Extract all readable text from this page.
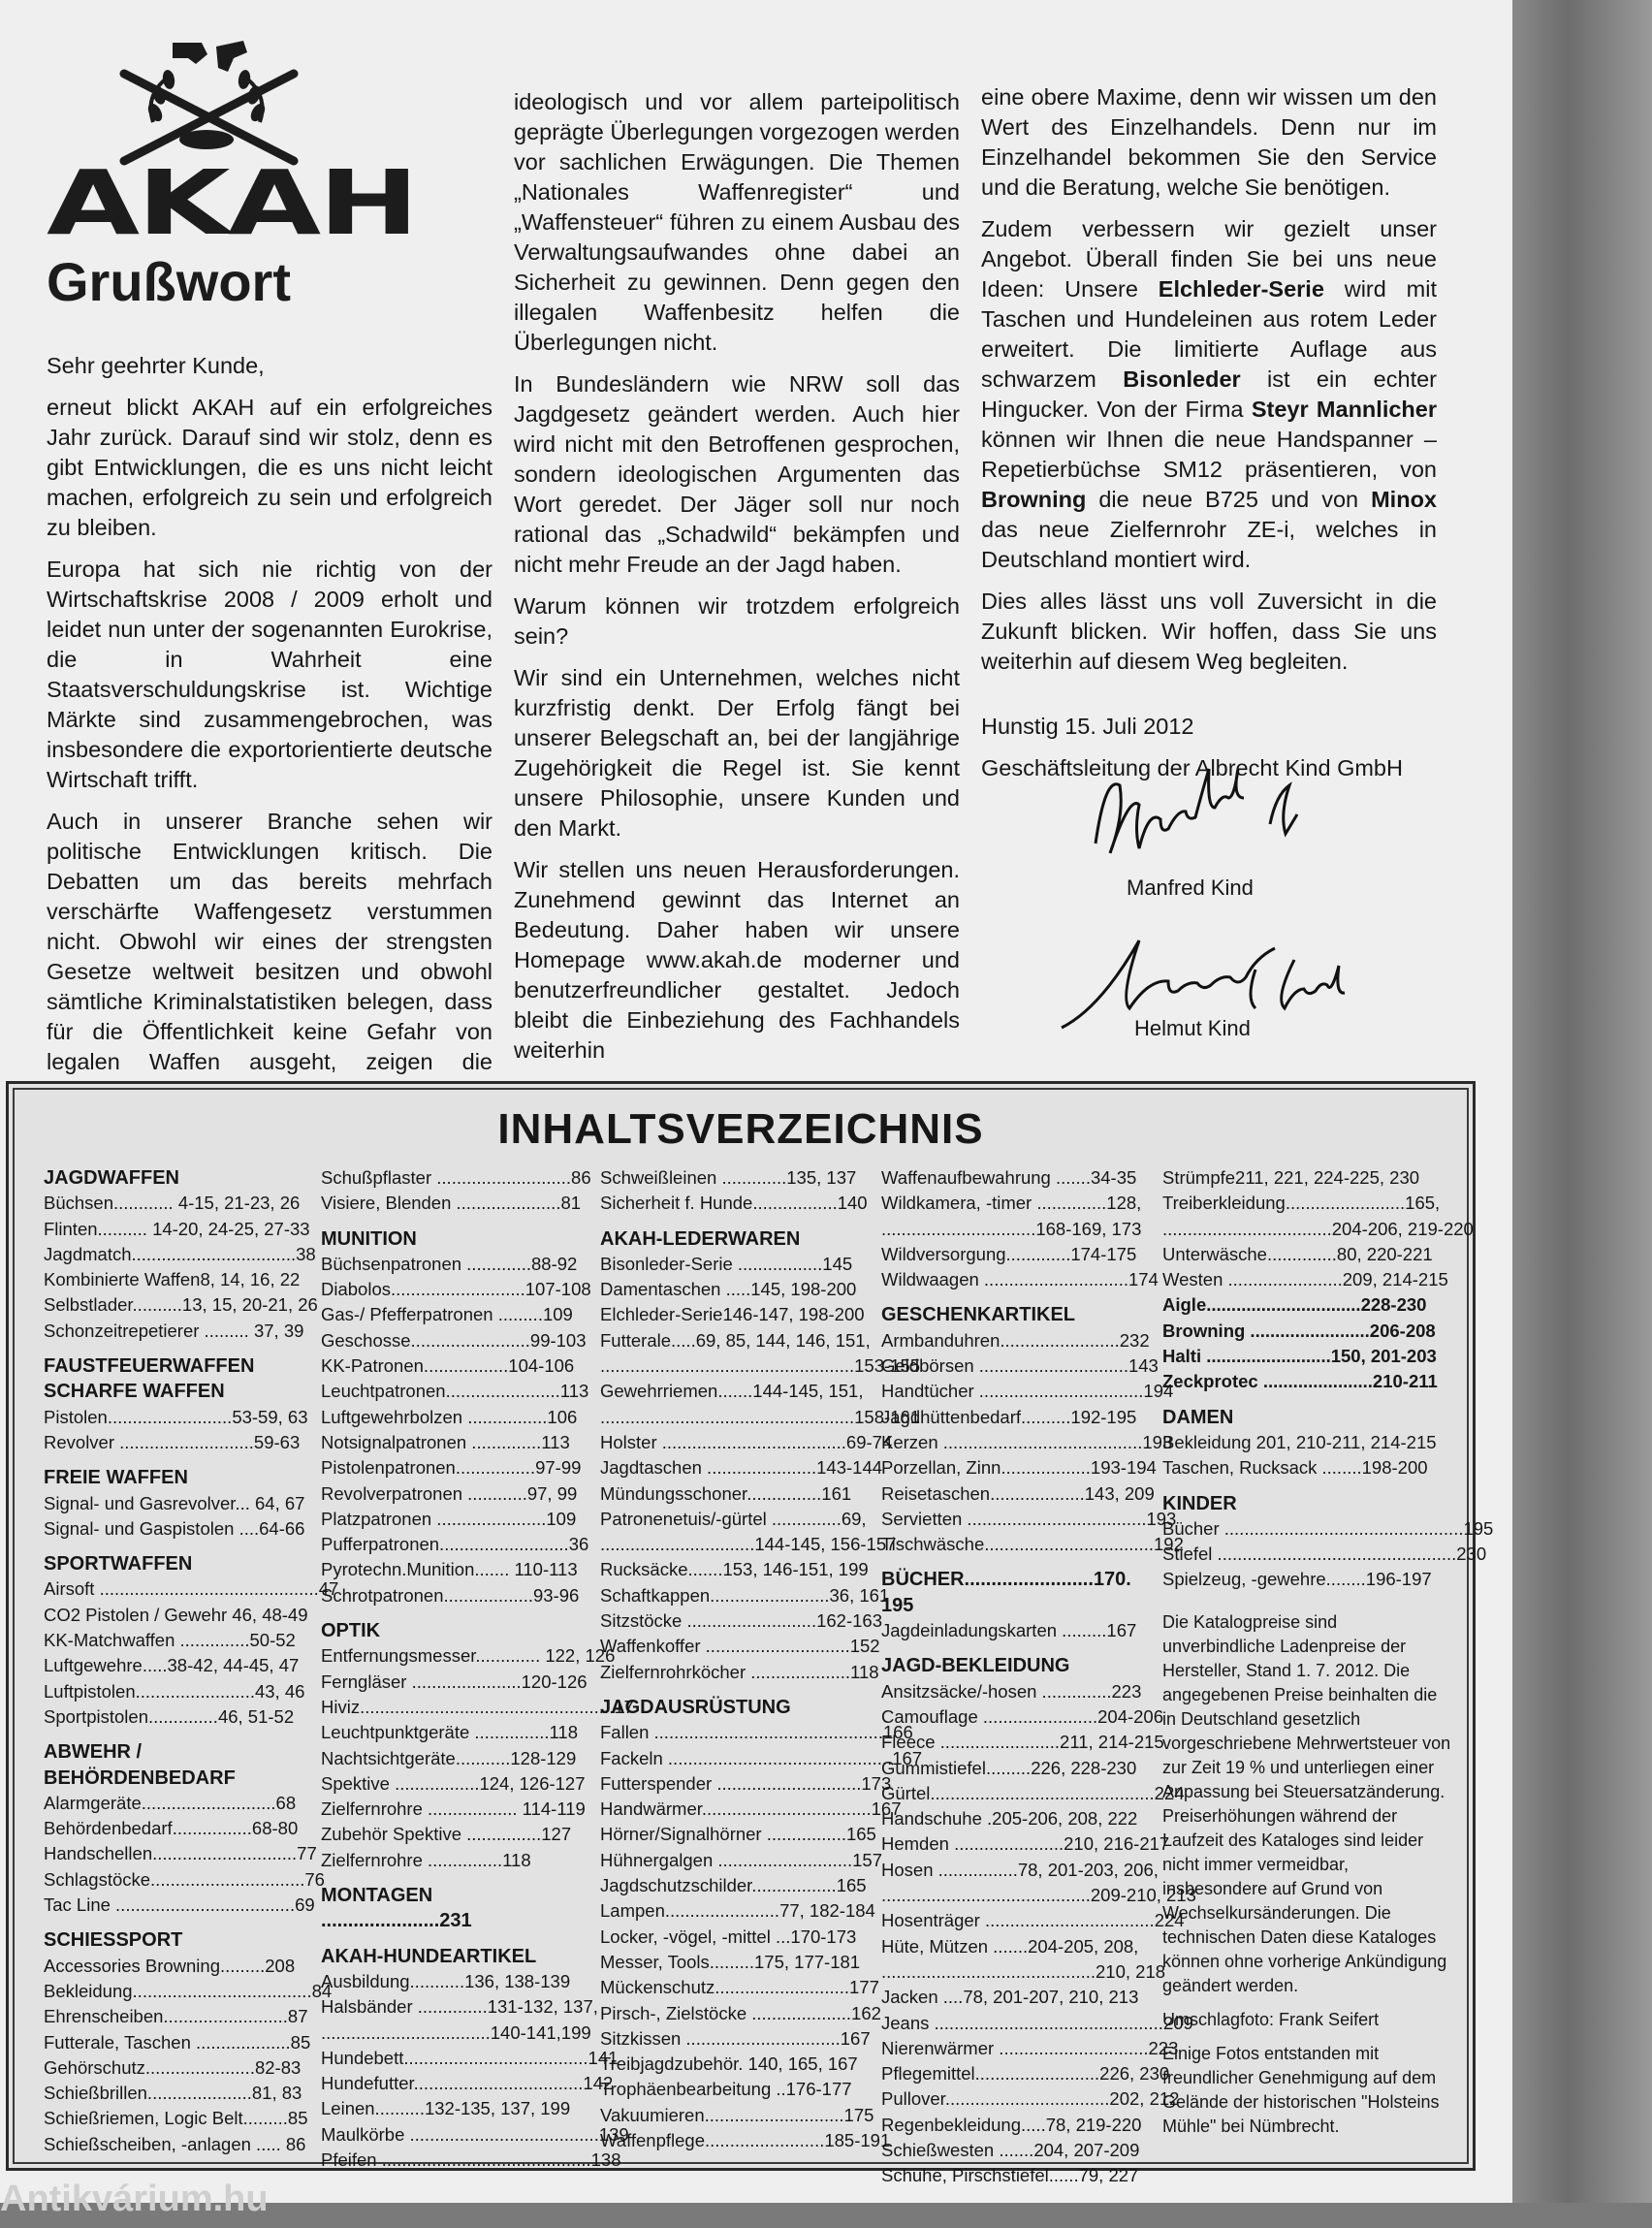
AKAH
Grußwort

Sehr geehrter Kunde,

erneut blickt AKAH auf ein erfolgreiches Jahr zurück. Darauf sind wir stolz, denn es gibt Entwicklungen, die es uns nicht leicht machen, erfolgreich zu sein und erfolgreich zu bleiben.

Europa hat sich nie richtig von der Wirtschaftskrise 2008 / 2009 erholt und leidet nun unter der sogenannten Eurokrise, die in Wahrheit eine Staatsverschuldungskrise ist. Wichtige Märkte sind zusammengebrochen, was insbesondere die exportorientierte deutsche Wirtschaft trifft.

Auch in unserer Branche sehen wir politische Entwicklungen kritisch. Die Debatten um das bereits mehrfach verschärfte Waffengesetz verstummen nicht. Obwohl wir eines der strengsten Gesetze weltweit besitzen und obwohl sämtliche Kriminalstatistiken belegen, dass für die Öffentlichkeit keine Gefahr von legalen Waffen ausgeht, zeigen die

ideologisch und vor allem parteipolitisch geprägte Überlegungen vorgezogen werden vor sachlichen Erwägungen. Die Themen „Nationales Waffenregister“ und „Waffensteuer“ führen zu einem Ausbau des Verwaltungsaufwandes ohne dabei an Sicherheit zu gewinnen. Denn gegen den illegalen Waffenbesitz helfen die Überlegungen nicht.

In Bundesländern wie NRW soll das Jagdgesetz geändert werden. Auch hier wird nicht mit den Betroffenen gesprochen, sondern ideologischen Argumenten das Wort geredet. Der Jäger soll nur noch rational das „Schadwild“ bekämpfen und nicht mehr Freude an der Jagd haben.

Warum können wir trotzdem erfolgreich sein?

Wir sind ein Unternehmen, welches nicht kurzfristig denkt. Der Erfolg fängt bei unserer Belegschaft an, bei der langjährige Zugehörigkeit die Regel ist. Sie kennt unsere Philosophie, unsere Kunden und den Markt.

Wir stellen uns neuen Herausforderungen. Zunehmend gewinnt das Internet an Bedeutung. Daher haben wir unsere Homepage www.akah.de moderner und benutzerfreundlicher gestaltet. Jedoch bleibt die Einbeziehung des Fachhandels weiterhin

eine obere Maxime, denn wir wissen um den Wert des Einzelhandels. Denn nur im Einzelhandel bekommen Sie den Service und die Beratung, welche Sie benötigen.

Zudem verbessern wir gezielt unser Angebot. Überall finden Sie bei uns neue Ideen: Unsere Elchleder-Serie wird mit Taschen und Hundeleinen aus rotem Leder erweitert. Die limitierte Auflage aus schwarzem Bisonleder ist ein echter Hingucker. Von der Firma Steyr Mannlicher können wir Ihnen die neue Handspanner – Repetierbüchse SM12 präsentieren, von Browning die neue B725 und von Minox das neue Zielfernrohr ZE-i, welches in Deutschland montiert wird.

Dies alles lässt uns voll Zuversicht in die Zukunft blicken. Wir hoffen, dass Sie uns weiterhin auf diesem Weg begleiten.

Hunstig 15. Juli 2012

Geschäftsleitung der Albrecht Kind GmbH

Manfred Kind
Helmut Kind
INHALTSVERZEICHNIS
JAGDWAFFEN
Büchsen............ 4-15, 21-23, 26
Flinten.......... 14-20, 24-25, 27-33
Jagdmatch.................................38
Kombinierte Waffen8, 14, 16, 22
Selbstlader..........13, 15, 20-21, 26
Schonzeitrepetierer ......... 37, 39
FAUSTFEUERWAFFEN
SCHARFE WAFFEN
Pistolen.........................53-59, 63
Revolver ...........................59-63
FREIE WAFFEN
Signal- und Gasrevolver... 64, 67
Signal- und Gaspistolen ....64-66
SPORTWAFFEN
Airsoft ............................................47
CO2 Pistolen / Gewehr 46, 48-49
KK-Matchwaffen ..............50-52
Luftgewehre.....38-42, 44-45, 47
Luftpistolen........................43, 46
Sportpistolen..............46, 51-52
ABWEHR /
BEHÖRDENBEDARF
Alarmgeräte...........................68
Behördenbedarf................68-80
Handschellen.............................77
Schlagstöcke...............................76
Tac Line ....................................69
SCHIESSPORT
Accessories Browning.........208
Bekleidung....................................84
Ehrenscheiben.........................87
Futterale, Taschen ...................85
Gehörschutz......................82-83
Schießbrillen.....................81, 83
Schießriemen, Logic Belt.........85
Schießscheiben, -anlagen ..... 86
Schußpflaster ...........................86
Visiere, Blenden .....................81
MUNITION
Büchsenpatronen .............88-92
Diabolos...........................107-108
Gas-/ Pfefferpatronen .........109
Geschosse........................99-103
KK-Patronen.................104-106
Leuchtpatronen.......................113
Luftgewehrbolzen ................106
Notsignalpatronen ..............113
Pistolenpatronen................97-99
Revolverpatronen ............97, 99
Platzpatronen ......................109
Pufferpatronen..........................36
Pyrotechn.Munition....... 110-113
Schrotpatronen..................93-96
OPTIK
Entfernungsmesser............. 122, 126
Ferngläser ......................120-126
Hiviz...................................................17
Leuchtpunktgeräte ...............118
Nachtsichtgeräte...........128-129
Spektive .................124, 126-127
Zielfernrohre .................. 114-119
Zubehör Spektive ...............127
Zielfernrohre ...............118
MONTAGEN ......................231
AKAH-HUNDEARTIKEL
Ausbildung...........136, 138-139
Halsbänder ..............131-132, 137,
..................................140-141,199
Hundebett.....................................141
Hundefutter..................................142
Leinen..........132-135, 137, 199
Maulkörbe ......................................139
Pfeifen ..........................................138
Schweißleinen .............135, 137
Sicherheit f. Hunde.................140
AKAH-LEDERWAREN
Bisonleder-Serie .................145
Damentaschen .....145, 198-200
Elchleder-Serie146-147, 198-200
Futterale.....69, 85, 144, 146, 151,
...................................................153-155
Gewehrriemen.......144-145, 151,
...................................................158-161
Holster .....................................69-74
Jagdtaschen ......................143-144
Mündungsschoner...............161
Patronenetuis/-gürtel ..............69,
...............................144-145, 156-157
Rucksäcke.......153, 146-151, 199
Schaftkappen........................36, 161
Sitzstöcke ..........................162-163
Waffenkoffer .............................152
Zielfernrohrköcher ....................118
JAGDAUSRÜSTUNG
Fallen ..............................................166
Fackeln .............................................167
Futterspender .............................173
Handwärmer..................................167
Hörner/Signalhörner ................165
Hühnergalgen ...........................157
Jagdschutzschilder.................165
Lampen.......................77, 182-184
Locker, -vögel, -mittel ...170-173
Messer, Tools.........175, 177-181
Mückenschutz...........................177
Pirsch-, Zielstöcke ....................162
Sitzkissen ...............................167
Treibjagdzubehör. 140, 165, 167
Trophäenbearbeitung ..176-177
Vakuumieren............................175
Waffenpflege........................185-191
Waffenaufbewahrung .......34-35
Wildkamera, -timer ..............128,
...............................168-169, 173
Wildversorgung.............174-175
Wildwaagen .............................174
GESCHENKARTIKEL
Armbanduhren........................232
Geldbörsen ..............................143
Handtücher .................................194
Jagdhüttenbedarf..........192-195
Kerzen ........................................193
Porzellan, Zinn..................193-194
Reisetaschen...................143, 209
Servietten ....................................193
Tischwäsche..................................192
BÜCHER........................170. 195
Jagdeinladungskarten .........167
JAGD-BEKLEIDUNG
Ansitzsäcke/-hosen ..............223
Camouflage .......................204-206
Fleece ........................211, 214-215
Gummistiefel.........226, 228-230
Gürtel.............................................224
Handschuhe .205-206, 208, 222
Hemden ......................210, 216-217
Hosen ................78, 201-203, 206,
..........................................209-210, 213
Hosenträger ..................................224
Hüte, Mützen .......204-205, 208,
...........................................210, 218
Jacken ....78, 201-207, 210, 213
Jeans ..............................................209
Nierenwärmer ..............................223
Pflegemittel.........................226, 230
Pullover.................................202, 212
Regenbekleidung.....78, 219-220
Schießwesten .......204, 207-209
Schuhe, Pirschstiefel......79, 227
Strümpfe211, 221, 224-225, 230
Treiberkleidung........................165,
..................................204-206, 219-220
Unterwäsche..............80, 220-221
Westen .......................209, 214-215
Aigle...............................228-230
Browning ........................206-208
Halti .........................150, 201-203
Zeckprotec ......................210-211
DAMEN
Bekleidung 201, 210-211, 214-215
Taschen, Rucksack ........198-200
KINDER
Bücher ................................................195
Stiefel ................................................230
Spielzeug, -gewehre........196-197
Die Katalogpreise sind unverbindliche Ladenpreise der Hersteller, Stand 1. 7. 2012. Die angegebenen Preise beinhalten die in Deutschland gesetzlich vorgeschriebene Mehrwertsteuer von zur Zeit 19 % und unterliegen einer Anpassung bei Steuersatzänderung. Preiserhöhungen während der Laufzeit des Kataloges sind leider nicht immer vermeidbar, insbesondere auf Grund von Wechselkursänderungen. Die technischen Daten diese Kataloges können ohne vorherige Ankündigung geändert werden.
Umschlagfoto: Frank Seifert
Einige Fotos entstanden mit freundlicher Genehmigung auf dem Gelände der historischen "Holsteins Mühle" bei Nümbrecht.
Antikvárium.hu
